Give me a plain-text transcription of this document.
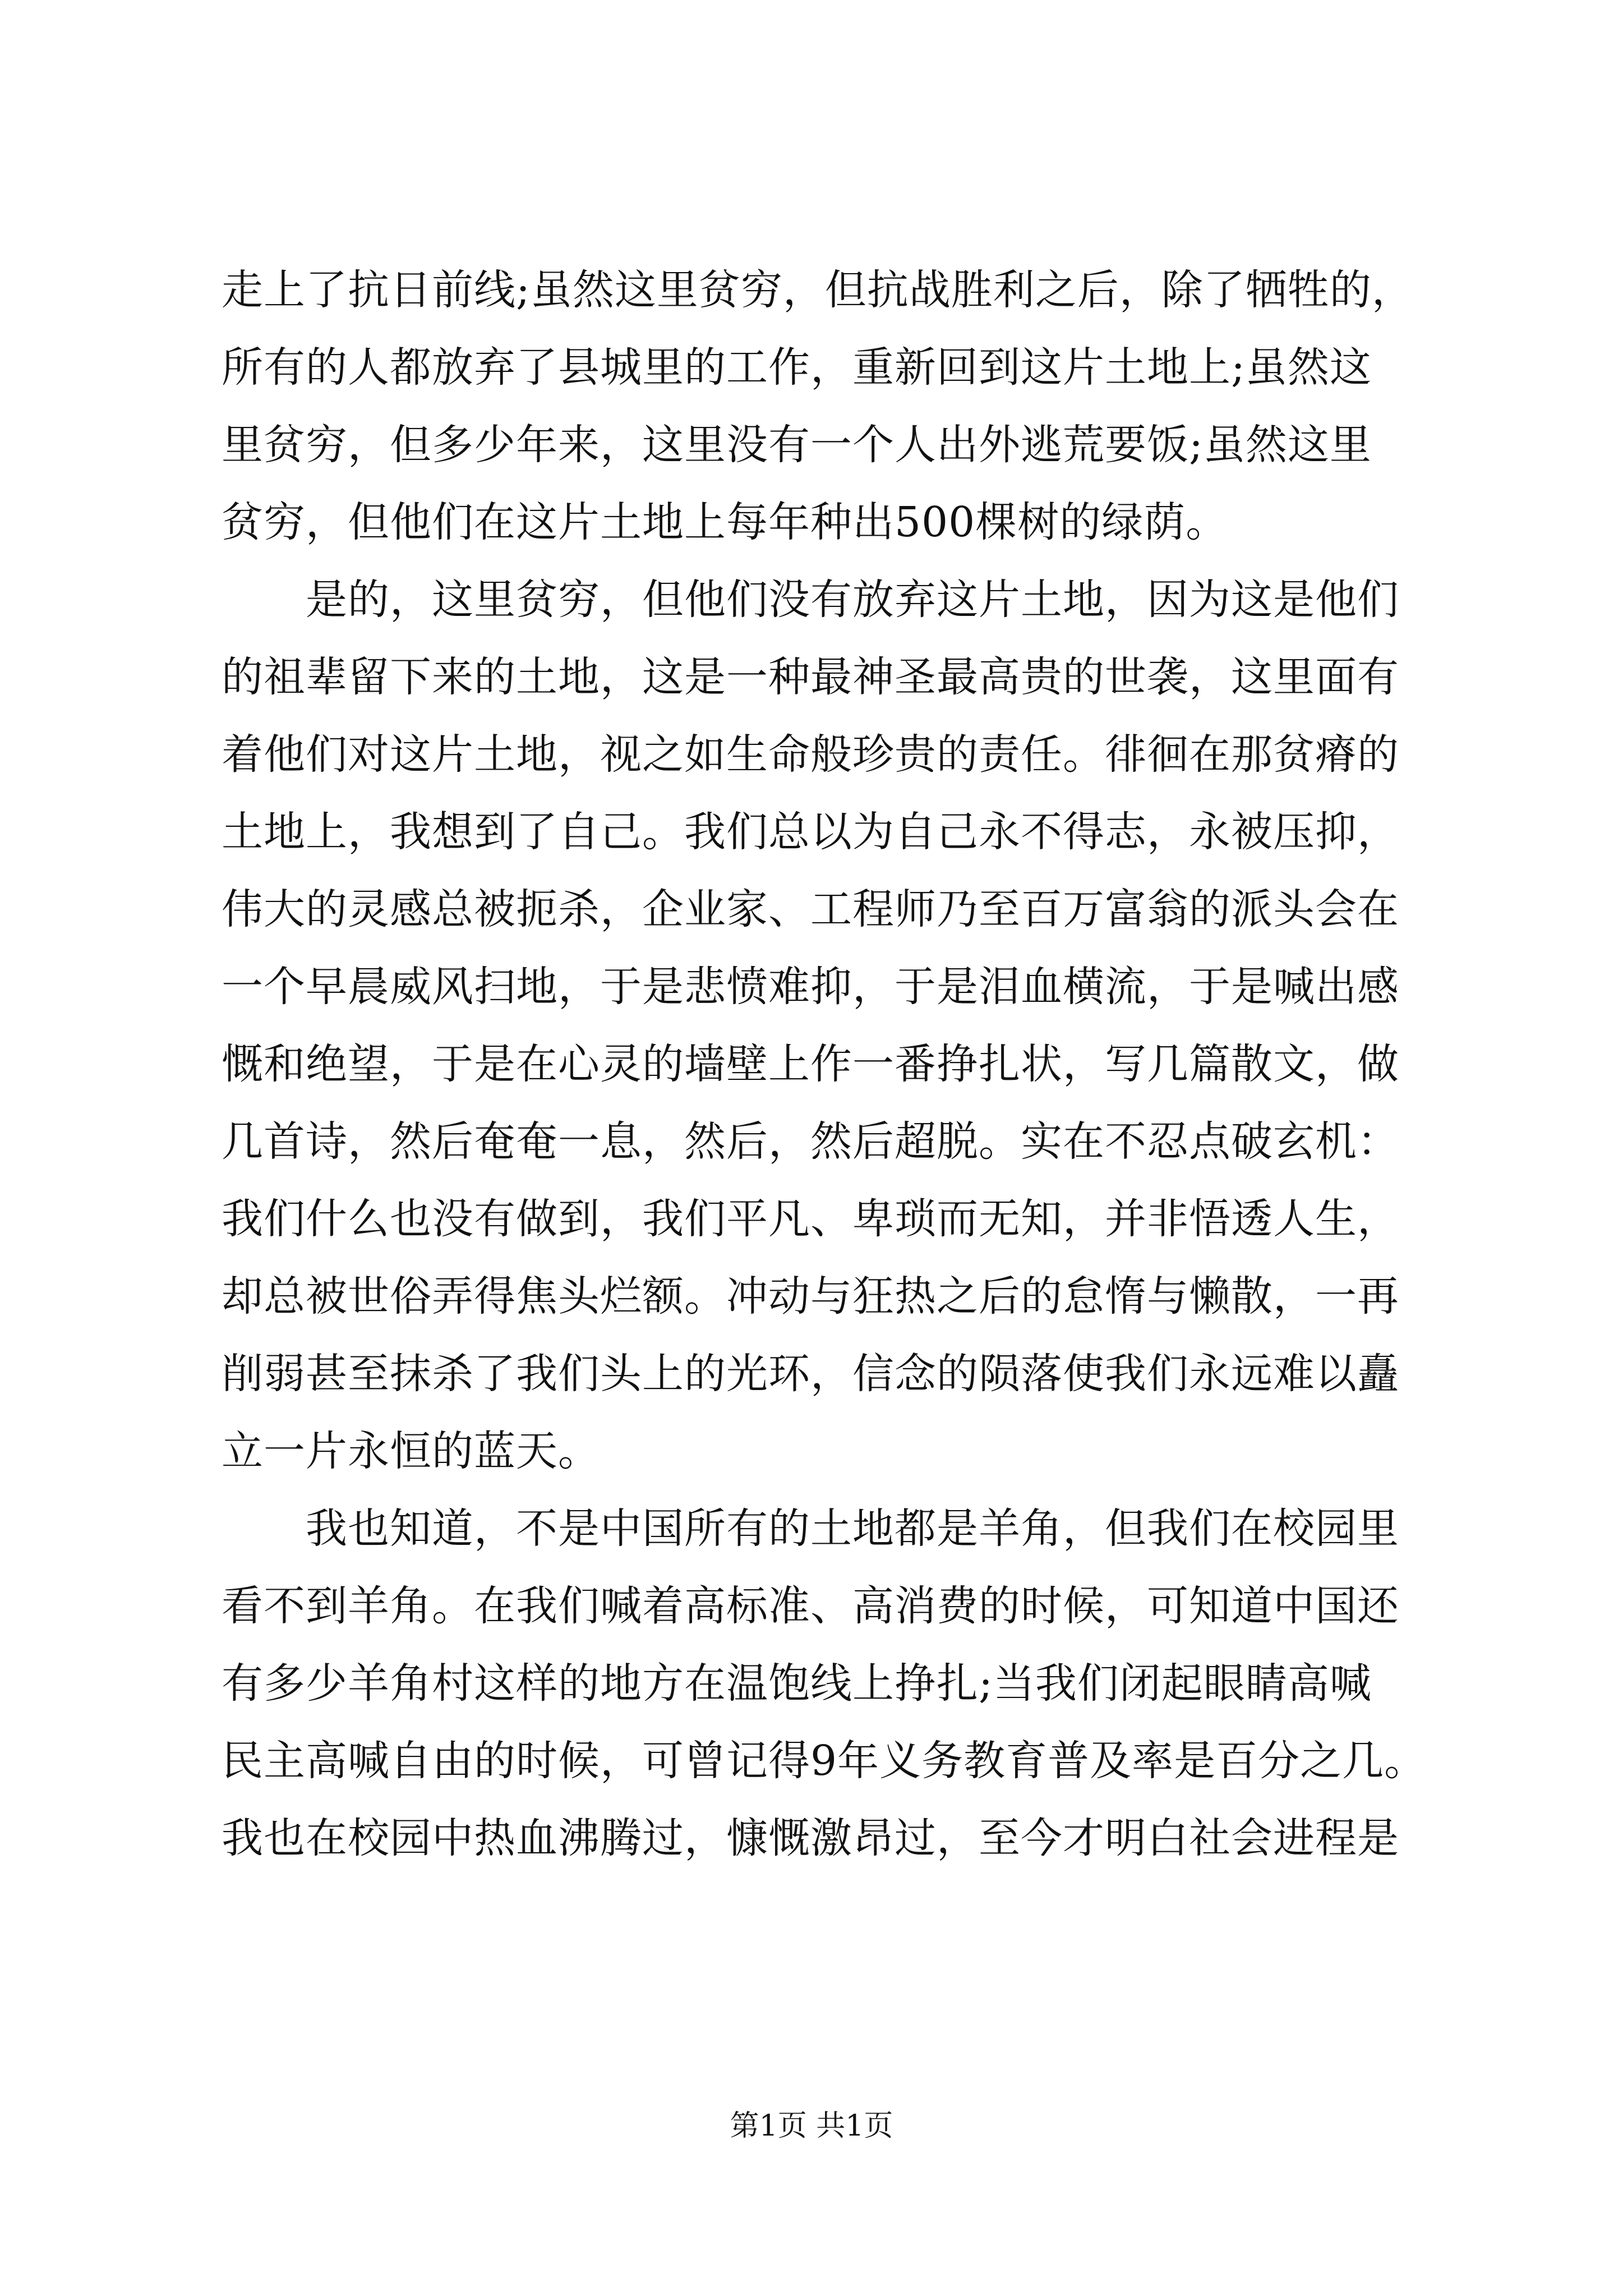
走上了抗日前线;虽然这里贫穷，但抗战胜利之后，除了牺牲的，
所有的人都放弃了县城里的工作，重新回到这片土地上;虽然这
里贫穷，但多少年来，这里没有一个人出外逃荒要饭;虽然这里
贫穷，但他们在这片土地上每年种出500棵树的绿荫。
　　是的，这里贫穷，但他们没有放弃这片土地，因为这是他们
的祖辈留下来的土地，这是一种最神圣最高贵的世袭，这里面有
着他们对这片土地，视之如生命般珍贵的责任。徘徊在那贫瘠的
土地上，我想到了自己。我们总以为自己永不得志，永被压抑，
伟大的灵感总被扼杀，企业家、工程师乃至百万富翁的派头会在
一个早晨威风扫地，于是悲愤难抑，于是泪血横流，于是喊出感
慨和绝望，于是在心灵的墙壁上作一番挣扎状，写几篇散文，做
几首诗，然后奄奄一息，然后，然后超脱。实在不忍点破玄机：
我们什么也没有做到，我们平凡、卑琐而无知，并非悟透人生，
却总被世俗弄得焦头烂额。冲动与狂热之后的怠惰与懒散，一再
削弱甚至抹杀了我们头上的光环，信念的陨落使我们永远难以矗
立一片永恒的蓝天。
　　我也知道，不是中国所有的土地都是羊角，但我们在校园里
看不到羊角。在我们喊着高标准、高消费的时候，可知道中国还
有多少羊角村这样的地方在温饱线上挣扎;当我们闭起眼睛高喊
民主高喊自由的时候，可曾记得9年义务教育普及率是百分之几。
我也在校园中热血沸腾过，慷慨激昂过，至今才明白社会进程是
第1页 共1页
